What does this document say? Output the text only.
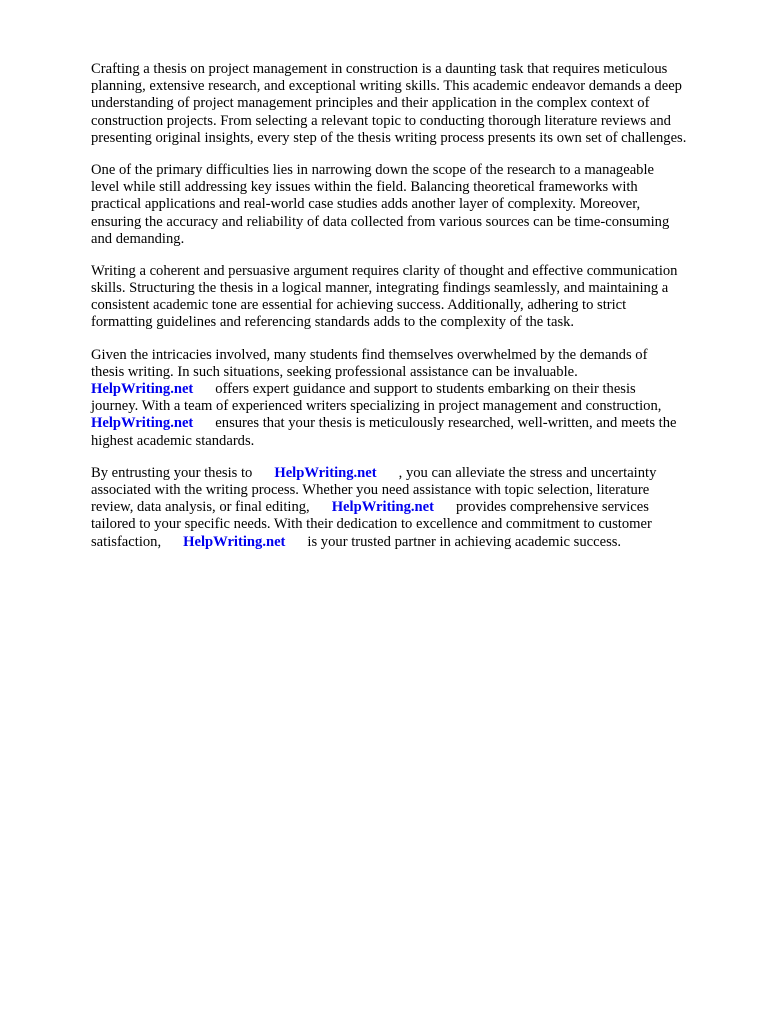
Crafting a thesis on project management in construction is a daunting task that requires meticulous
planning, extensive research, and exceptional writing skills. This academic endeavor demands a deep
understanding of project management principles and their application in the complex context of
construction projects. From selecting a relevant topic to conducting thorough literature reviews and
presenting original insights, every step of the thesis writing process presents its own set of challenges.
One of the primary difficulties lies in narrowing down the scope of the research to a manageable
level while still addressing key issues within the field. Balancing theoretical frameworks with
practical applications and real-world case studies adds another layer of complexity. Moreover,
ensuring the accuracy and reliability of data collected from various sources can be time-consuming
and demanding.
Writing a coherent and persuasive argument requires clarity of thought and effective communication
skills. Structuring the thesis in a logical manner, integrating findings seamlessly, and maintaining a
consistent academic tone are essential for achieving success. Additionally, adhering to strict
formatting guidelines and referencing standards adds to the complexity of the task.
Given the intricacies involved, many students find themselves overwhelmed by the demands of
thesis writing. In such situations, seeking professional assistance can be invaluable.
HelpWriting.net offers expert guidance and support to students embarking on their thesis
journey. With a team of experienced writers specializing in project management and construction,
HelpWriting.net ensures that your thesis is meticulously researched, well-written, and meets the
highest academic standards.
By entrusting your thesis to HelpWriting.net , you can alleviate the stress and uncertainty
associated with the writing process. Whether you need assistance with topic selection, literature
review, data analysis, or final editing, HelpWriting.net provides comprehensive services
tailored to your specific needs. With their dedication to excellence and commitment to customer
satisfaction, HelpWriting.net is your trusted partner in achieving academic success.
